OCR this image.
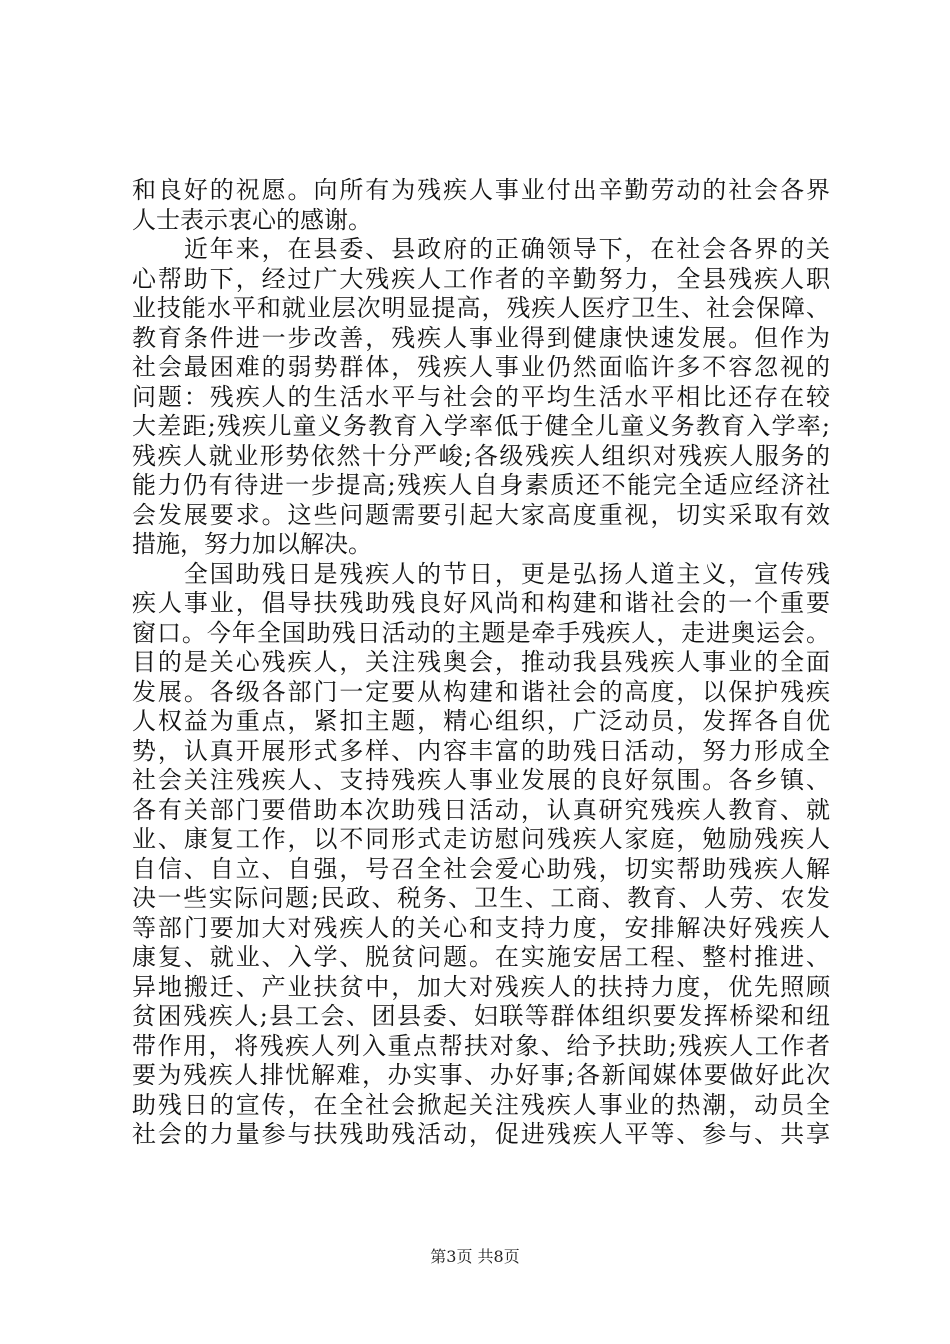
和良好的祝愿。向所有为残疾人事业付出辛勤劳动的社会各界
人士表示衷心的感谢。
　　近年来，在县委、县政府的正确领导下，在社会各界的关
心帮助下，经过广大残疾人工作者的辛勤努力，全县残疾人职
业技能水平和就业层次明显提高，残疾人医疗卫生、社会保障、
教育条件进一步改善，残疾人事业得到健康快速发展。但作为
社会最困难的弱势群体，残疾人事业仍然面临许多不容忽视的
问题：残疾人的生活水平与社会的平均生活水平相比还存在较
大差距;残疾儿童义务教育入学率低于健全儿童义务教育入学率;
残疾人就业形势依然十分严峻;各级残疾人组织对残疾人服务的
能力仍有待进一步提高;残疾人自身素质还不能完全适应经济社
会发展要求。这些问题需要引起大家高度重视，切实采取有效
措施，努力加以解决。
　　全国助残日是残疾人的节日，更是弘扬人道主义，宣传残
疾人事业，倡导扶残助残良好风尚和构建和谐社会的一个重要
窗口。今年全国助残日活动的主题是牵手残疾人，走进奥运会。
目的是关心残疾人，关注残奥会，推动我县残疾人事业的全面
发展。各级各部门一定要从构建和谐社会的高度，以保护残疾
人权益为重点，紧扣主题，精心组织，广泛动员，发挥各自优
势，认真开展形式多样、内容丰富的助残日活动，努力形成全
社会关注残疾人、支持残疾人事业发展的良好氛围。各乡镇、
各有关部门要借助本次助残日活动，认真研究残疾人教育、就
业、康复工作，以不同形式走访慰问残疾人家庭，勉励残疾人
自信、自立、自强，号召全社会爱心助残，切实帮助残疾人解
决一些实际问题;民政、税务、卫生、工商、教育、人劳、农发
等部门要加大对残疾人的关心和支持力度，安排解决好残疾人
康复、就业、入学、脱贫问题。在实施安居工程、整村推进、
异地搬迁、产业扶贫中，加大对残疾人的扶持力度，优先照顾
贫困残疾人;县工会、团县委、妇联等群体组织要发挥桥梁和纽
带作用，将残疾人列入重点帮扶对象、给予扶助;残疾人工作者
要为残疾人排忧解难，办实事、办好事;各新闻媒体要做好此次
助残日的宣传，在全社会掀起关注残疾人事业的热潮，动员全
社会的力量参与扶残助残活动，促进残疾人平等、参与、共享
第3页 共8页
